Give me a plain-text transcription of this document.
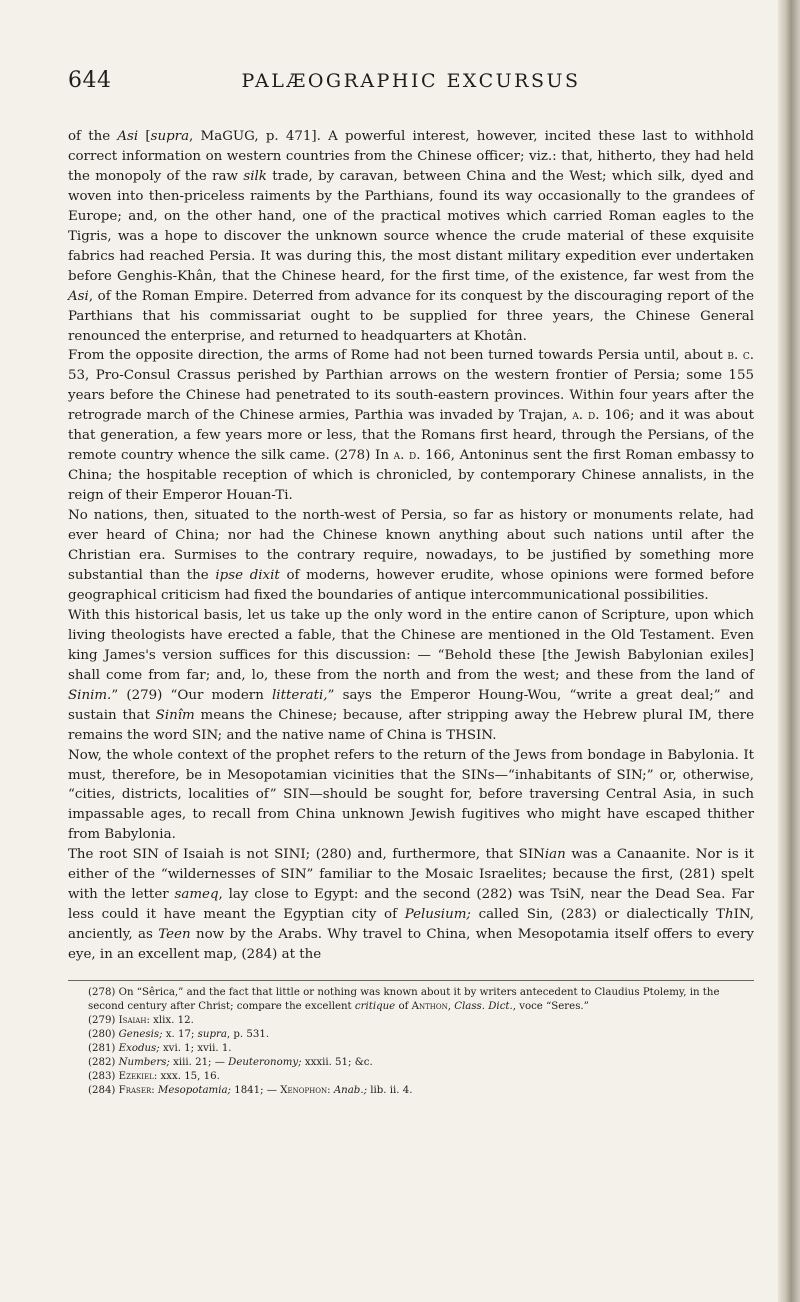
644	PALÆOGRAPHIC EXCURSUS

of the Asi [supra, MaGUG, p. 471]. A powerful interest, however, incited these last to withhold correct information on western countries from the Chinese officer; viz.: that, hitherto, they had held the monopoly of the raw silk trade, by caravan, between China and the West; which silk, dyed and woven into then-priceless raiments by the Parthians, found its way occasionally to the grandees of Europe; and, on the other hand, one of the practical motives which carried Roman eagles to the Tigris, was a hope to discover the unknown source whence the crude material of these exquisite fabrics had reached Persia. It was during this, the most distant military expedition ever undertaken before Genghis-Khân, that the Chinese heard, for the first time, of the existence, far west from the Asi, of the Roman Empire. Deterred from advance for its conquest by the discouraging report of the Parthians that his commissariat ought to be supplied for three years, the Chinese General renounced the enterprise, and returned to headquarters at Khotân.

From the opposite direction, the arms of Rome had not been turned towards Persia until, about b. c. 53, Pro-Consul Crassus perished by Parthian arrows on the western frontier of Persia; some 155 years before the Chinese had penetrated to its south-eastern provinces. Within four years after the retrograde march of the Chinese armies, Parthia was invaded by Trajan, a. d. 106; and it was about that generation, a few years more or less, that the Romans first heard, through the Persians, of the remote country whence the silk came. (278) In a. d. 166, Antoninus sent the first Roman embassy to China; the hospitable reception of which is chronicled, by contemporary Chinese annalists, in the reign of their Emperor Houan-Ti.

No nations, then, situated to the north-west of Persia, so far as history or monuments relate, had ever heard of China; nor had the Chinese known anything about such nations until after the Christian era. Surmises to the contrary require, nowadays, to be justified by something more substantial than the ipse dixit of moderns, however erudite, whose opinions were formed before geographical criticism had fixed the boundaries of antique intercommunicational possibilities.

With this historical basis, let us take up the only word in the entire canon of Scripture, upon which living theologists have erected a fable, that the Chinese are mentioned in the Old Testament. Even king James's version suffices for this discussion: — “Behold these [the Jewish Babylonian exiles] shall come from far; and, lo, these from the north and from the west; and these from the land of Sinim.” (279) “Our modern litterati,” says the Emperor Houng-Wou, “write a great deal;” and sustain that Sinîm means the Chinese; because, after stripping away the Hebrew plural IM, there remains the word SIN; and the native name of China is THSIN.

Now, the whole context of the prophet refers to the return of the Jews from bondage in Babylonia. It must, therefore, be in Mesopotamian vicinities that the SINs—“inhabitants of SIN;” or, otherwise, “cities, districts, localities of” SIN—should be sought for, before traversing Central Asia, in such impassable ages, to recall from China unknown Jewish fugitives who might have escaped thither from Babylonia.

The root SIN of Isaiah is not SINI; (280) and, furthermore, that SINian was a Canaanite. Nor is it either of the “wildernesses of SIN” familiar to the Mosaic Israelites; because the first, (281) spelt with the letter sameq, lay close to Egypt: and the second (282) was TsiN, near the Dead Sea. Far less could it have meant the Egyptian city of Pelusium; called Sin, (283) or dialectically ThIN, anciently, as Teen now by the Arabs. Why travel to China, when Mesopotamia itself offers to every eye, in an excellent map, (284) at the

(278) On “Sêrica,” and the fact that little or nothing was known about it by writers antecedent to Claudius Ptolemy, in the second century after Christ; compare the excellent critique of Anthon, Class. Dict., voce “Seres.”

(279) Isaiah: xlix. 12.

(280) Genesis; x. 17; supra, p. 531.

(281) Exodus; xvi. 1; xvii. 1.

(282) Numbers; xiii. 21; — Deuteronomy; xxxii. 51; &c.

(283) Ezekiel: xxx. 15, 16.

(284) Fraser: Mesopotamia; 1841; — Xenophon: Anab.; lib. ii. 4.
